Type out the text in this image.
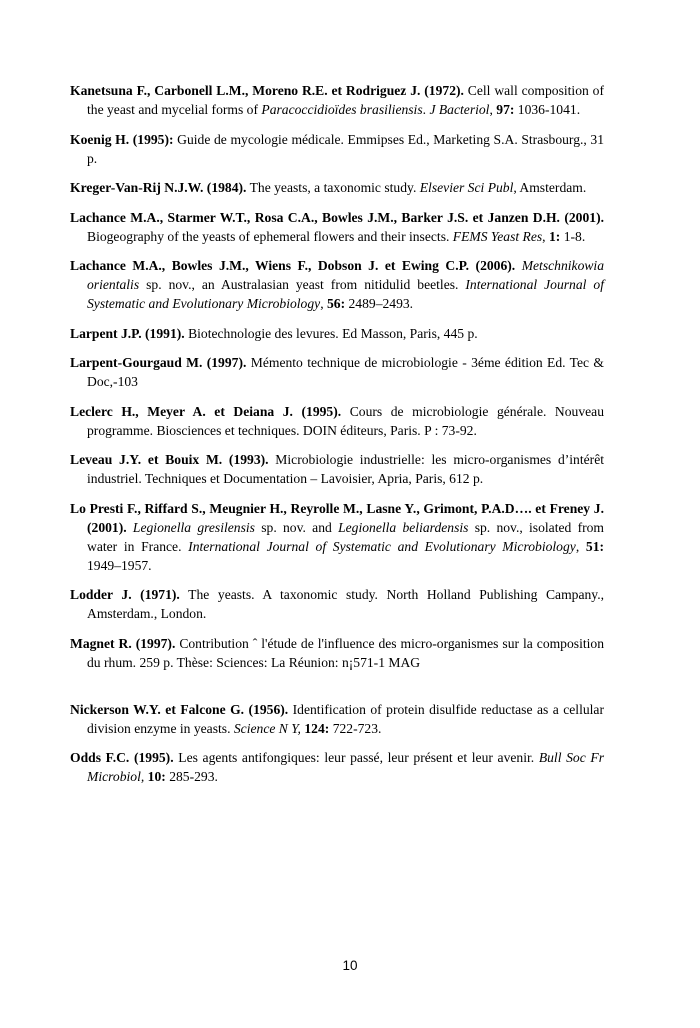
Kanetsuna F., Carbonell L.M., Moreno R.E. et Rodriguez J. (1972). Cell wall composition of the yeast and mycelial forms of Paracoccidioïdes brasiliensis. J Bacteriol, 97: 1036-1041.

Koenig H. (1995): Guide de mycologie médicale. Emmipses Ed., Marketing S.A. Strasbourg., 31 p.

Kreger-Van-Rij N.J.W. (1984). The yeasts, a taxonomic study. Elsevier Sci Publ, Amsterdam.

Lachance M.A., Starmer W.T., Rosa C.A., Bowles J.M., Barker J.S. et Janzen D.H. (2001). Biogeography of the yeasts of ephemeral flowers and their insects. FEMS Yeast Res, 1: 1-8.

Lachance M.A., Bowles J.M., Wiens F., Dobson J. et Ewing C.P. (2006). Metschnikowia orientalis sp. nov., an Australasian yeast from nitidulid beetles. International Journal of Systematic and Evolutionary Microbiology, 56: 2489–2493.

Larpent J.P. (1991). Biotechnologie des levures. Ed Masson, Paris, 445 p.

Larpent-Gourgaud M. (1997). Mémento technique de microbiologie - 3éme édition Ed. Tec & Doc,-103

Leclerc H., Meyer A. et Deiana J. (1995). Cours de microbiologie générale. Nouveau programme. Biosciences et techniques. DOIN éditeurs, Paris. P : 73-92.

Leveau J.Y. et Bouix M. (1993). Microbiologie industrielle: les micro-organismes d’intérêt industriel. Techniques et Documentation – Lavoisier, Apria, Paris, 612 p.

Lo Presti F., Riffard S., Meugnier H., Reyrolle M., Lasne Y., Grimont, P.A.D…. et Freney J. (2001). Legionella gresilensis sp. nov. and Legionella beliardensis sp. nov., isolated from water in France. International Journal of Systematic and Evolutionary Microbiology, 51: 1949–1957.

Lodder J. (1971). The yeasts. A taxonomic study. North Holland Publishing Campany., Amsterdam., London.

Magnet R. (1997). Contribution ˆ l'étude de l'influence des micro-organismes sur la composition du rhum. 259 p. Thèse: Sciences: La Réunion: n¡571-1 MAG

Nickerson W.Y. et Falcone G. (1956). Identification of protein disulfide reductase as a cellular division enzyme in yeasts. Science N Y, 124: 722-723.

Odds F.C. (1995). Les agents antifongiques: leur passé, leur présent et leur avenir. Bull Soc Fr Microbiol, 10: 285-293.

10
